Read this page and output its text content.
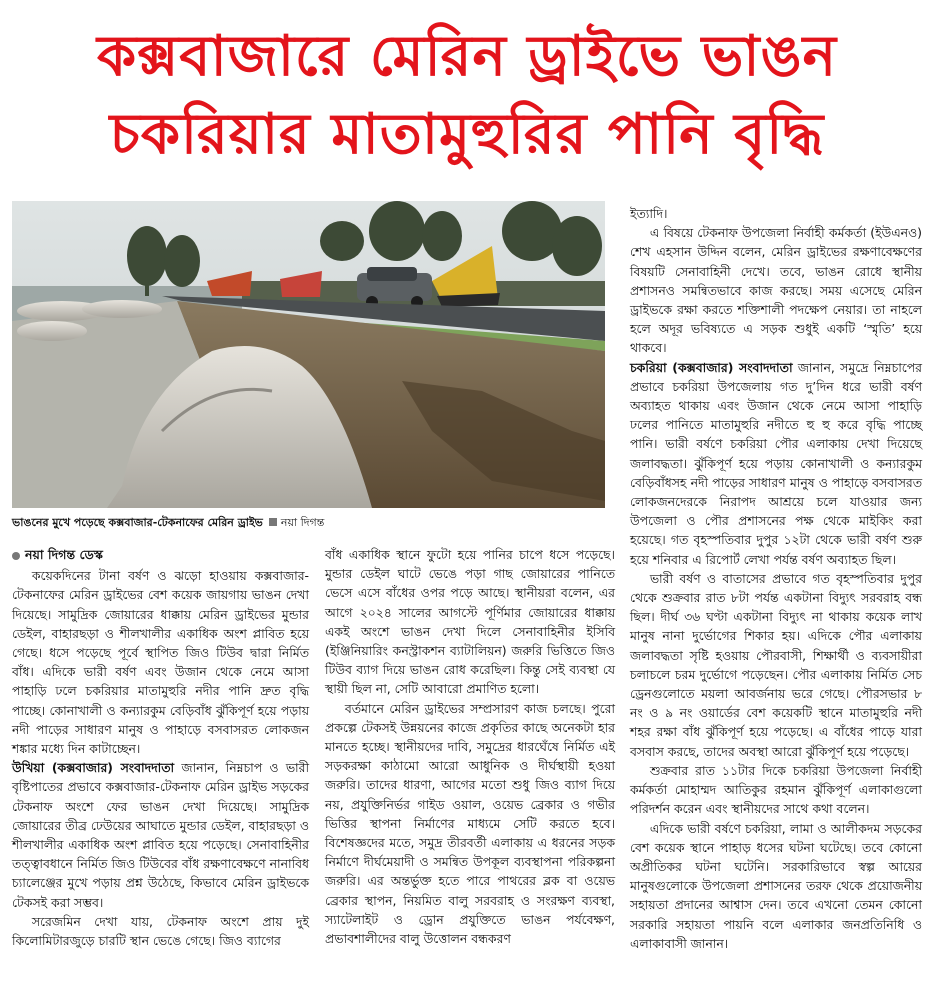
কক্সবাজারে মেরিন ড্রাইভে ভাঙন
চকরিয়ার মাতামুহুরির পানি বৃদ্ধি
ভাঙনের মুখে পড়েছে কক্সবাজার-টেকনাফের মেরিন ড্রাইভ নয়া দিগন্ত

নয়া দিগন্ত ডেস্ক

কয়েকদিনের টানা বর্ষণ ও ঝড়ো হাওয়ায় কক্সবাজার-টেকনাফের মেরিন ড্রাইভের বেশ কয়েক জায়গায় ভাঙন দেখা দিয়েছে। সামুদ্রিক জোয়ারের ধাক্কায় মেরিন ড্রাইভের মুন্ডার ডেইল, বাহারছড়া ও শীলখালীর একাধিক অংশ প্লাবিত হয়ে গেছে। ধসে পড়েছে পূর্বে স্থাপিত জিও টিউব দ্বারা নির্মিত বাঁধ। এদিকে ভারী বর্ষণ এবং উজান থেকে নেমে আসা পাহাড়ি ঢলে চকরিয়ার মাতামুহুরি নদীর পানি দ্রুত বৃদ্ধি পাচ্ছে। কোনাখালী ও কন্যারকুম বেড়িবাঁধ ঝুঁকিপূর্ণ হয়ে পড়ায় নদী পাড়ের সাধারণ মানুষ ও পাহাড়ে বসবাসরত লোকজন শঙ্কার মধ্যে দিন কাটাচ্ছেন।

উখিয়া (কক্সবাজার) সংবাদদাতা জানান, নিম্নচাপ ও ভারী বৃষ্টিপাতের প্রভাবে কক্সবাজার-টেকনাফ মেরিন ড্রাইভ সড়কের টেকনাফ অংশে ফের ভাঙন দেখা দিয়েছে। সামুদ্রিক জোয়ারের তীব্র ঢেউয়ের আঘাতে মুন্ডার ডেইল, বাহারছড়া ও শীলখালীর একাধিক অংশ প্লাবিত হয়ে পড়েছে। সেনাবাহিনীর তত্ত্বাবধানে নির্মিত জিও টিউবের বাঁধ রক্ষণাবেক্ষণে নানাবিধ চ্যালেঞ্জের মুখে পড়ায় প্রশ্ন উঠেছে, কিভাবে মেরিন ড্রাইভকে টেকসই করা সম্ভব।

সরেজমিন দেখা যায়, টেকনাফ অংশে প্রায় দুই কিলোমিটারজুড়ে চারটি স্থান ভেঙে গেছে। জিও ব্যাগের

বাঁধ একাধিক স্থানে ফুটো হয়ে পানির চাপে ধসে পড়েছে। মুন্ডার ডেইল ঘাটে ভেঙে পড়া গাছ জোয়ারের পানিতে ভেসে এসে বাঁধের ওপর পড়ে আছে। স্থানীয়রা বলেন, এর আগে ২০২৪ সালের আগস্টে পূর্ণিমার জোয়ারের ধাক্কায় একই অংশে ভাঙন দেখা দিলে সেনাবাহিনীর ইসিবি (ইঞ্জিনিয়ারিং কনস্ট্রাকশন ব্যাটালিয়ন) জরুরি ভিত্তিতে জিও টিউব ব্যাগ দিয়ে ভাঙন রোধ করেছিল। কিন্তু সেই ব্যবস্থা যে স্থায়ী ছিল না, সেটি আবারো প্রমাণিত হলো।

বর্তমানে মেরিন ড্রাইভের সম্প্রসারণ কাজ চলছে। পুরো প্রকল্পে টেকসই উন্নয়নের কাজে প্রকৃতির কাছে অনেকটা হার মানতে হচ্ছে। স্থানীয়দের দাবি, সমুদ্রের ধারঘেঁষে নির্মিত এই সড়করক্ষা কাঠামো আরো আধুনিক ও দীর্ঘস্থায়ী হওয়া জরুরি। তাদের ধারণা, আগের মতো শুধু জিও ব্যাগ দিয়ে নয়, প্রযুক্তিনির্ভর গাইড ওয়াল, ওয়েভ ব্রেকার ও গভীর ভিত্তির স্থাপনা নির্মাণের মাধ্যমে সেটি করতে হবে। বিশেষজ্ঞদের মতে, সমুদ্র তীরবর্তী এলাকায় এ ধরনের সড়ক নির্মাণে দীর্ঘমেয়াদী ও সমন্বিত উপকূল ব্যবস্থাপনা পরিকল্পনা জরুরি। এর অন্তর্ভুক্ত হতে পারে পাথরের ব্লক বা ওয়েভ ব্রেকার স্থাপন, নিয়মিত বালু সরবরাহ ও সংরক্ষণ ব্যবস্থা, স্যাটেলাইট ও ড্রোন প্রযুক্তিতে ভাঙন পর্যবেক্ষণ, প্রভাবশালীদের বালু উত্তোলন বন্ধকরণ

ইত্যাদি।

এ বিষয়ে টেকনাফ উপজেলা নির্বাহী কর্মকর্তা (ইউএনও) শেখ এহসান উদ্দিন বলেন, মেরিন ড্রাইভের রক্ষণাবেক্ষণের বিষয়টি সেনাবাহিনী দেখে। তবে, ভাঙন রোধে স্থানীয় প্রশাসনও সমন্বিতভাবে কাজ করছে। সময় এসেছে মেরিন ড্রাইভকে রক্ষা করতে শক্তিশালী পদক্ষেপ নেয়ার। তা নাহলে হলে অদূর ভবিষ্যতে এ সড়ক শুধুই একটি ‘স্মৃতি’ হয়ে থাকবে।

চকরিয়া (কক্সবাজার) সংবাদদাতা জানান, সমুদ্রে নিম্নচাপের প্রভাবে চকরিয়া উপজেলায় গত দু’দিন ধরে ভারী বর্ষণ অব্যাহত থাকায় এবং উজান থেকে নেমে আসা পাহাড়ি ঢলের পানিতে মাতামুহুরি নদীতে হু হু করে বৃদ্ধি পাচ্ছে পানি। ভারী বর্ষণে চকরিয়া পৌর এলাকায় দেখা দিয়েছে জলাবদ্ধতা। ঝুঁকিপূর্ণ হয়ে পড়ায় কোনাখালী ও কন্যারকুম বেড়িবাঁধসহ নদী পাড়ের সাধারণ মানুষ ও পাহাড়ে বসবাসরত লোকজনদেরকে নিরাপদ আশ্রয়ে চলে যাওয়ার জন্য উপজেলা ও পৌর প্রশাসনের পক্ষ থেকে মাইকিং করা হয়েছে। গত বৃহস্পতিবার দুপুর ১২টা থেকে ভারী বর্ষণ শুরু হয়ে শনিবার এ রিপোর্ট লেখা পর্যন্ত বর্ষণ অব্যাহত ছিল।

ভারী বর্ষণ ও বাতাসের প্রভাবে গত বৃহস্পতিবার দুপুর থেকে শুক্রবার রাত ৮টা পর্যন্ত একটানা বিদ্যুৎ সরবরাহ বন্ধ ছিল। দীর্ঘ ৩৬ ঘণ্টা একটানা বিদ্যুৎ না থাকায় কয়েক লাখ মানুষ নানা দুর্ভোগের শিকার হয়। এদিকে পৌর এলাকায় জলাবদ্ধতা সৃষ্টি হওয়ায় পৌরবাসী, শিক্ষার্থী ও ব্যবসায়ীরা চলাচলে চরম দুর্ভোগে পড়েছেন। পৌর এলাকায় নির্মিত সেচ ড্রেনগুলোতে ময়লা আবর্জনায় ভরে গেছে। পৌরসভার ৮ নং ও ৯ নং ওয়ার্ডের বেশ কয়েকটি স্থানে মাতামুহুরি নদী শহর রক্ষা বাঁধ ঝুঁকিপূর্ণ হয়ে পড়েছে। এ বাঁধের পাড়ে যারা বসবাস করছে, তাদের অবস্থা আরো ঝুঁকিপূর্ণ হয়ে পড়েছে।

শুক্রবার রাত ১১টার দিকে চকরিয়া উপজেলা নির্বাহী কর্মকর্তা মোহাম্মদ আতিকুর রহমান ঝুঁকিপূর্ণ এলাকাগুলো পরিদর্শন করেন এবং স্থানীয়দের সাথে কথা বলেন।

এদিকে ভারী বর্ষণে চকরিয়া, লামা ও আলীকদম সড়কের বেশ কয়েক স্থানে পাহাড় ধসের ঘটনা ঘটেছে। তবে কোনো অপ্রীতিকর ঘটনা ঘটেনি। সরকারিভাবে স্বল্প আয়ের মানুষগুলোকে উপজেলা প্রশাসনের তরফ থেকে প্রয়োজনীয় সহায়তা প্রদানের আশ্বাস দেন। তবে এখনো তেমন কোনো সরকারি সহায়তা পায়নি বলে এলাকার জনপ্রতিনিধি ও এলাকাবাসী জানান।
